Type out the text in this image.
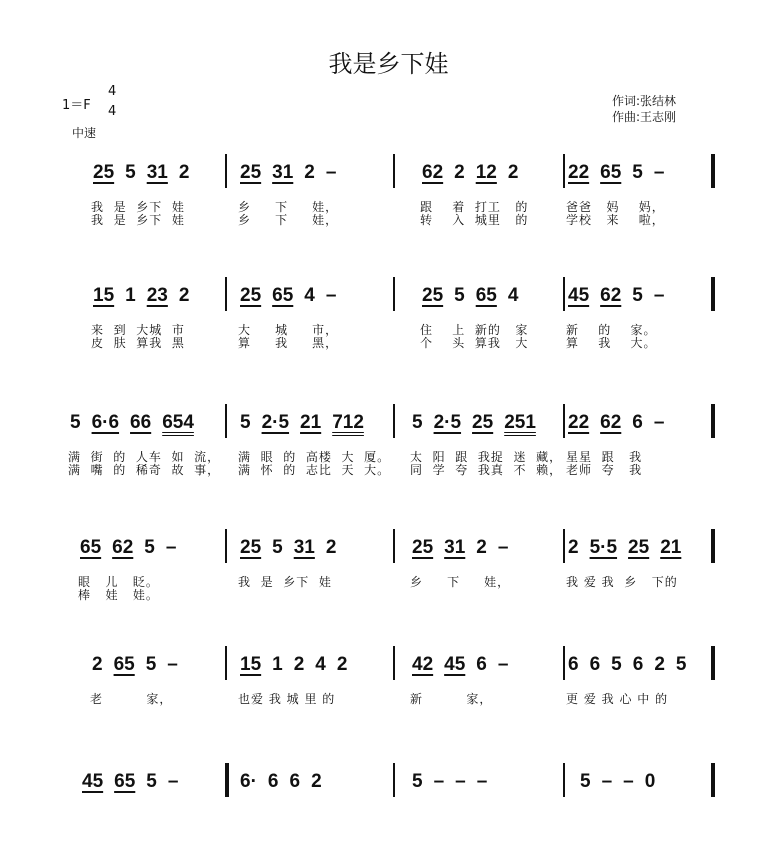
我是乡下娃
1＝F
4
4
中速
作词:张结林
作曲:王志刚
25 5 31 2	25 31 2 –	62 2 12 2	22 65 5 –
我  是  乡下  娃	乡     下     娃，	跟    着  打工   的	爸爸   妈    妈，
我  是  乡下  娃	乡     下     娃，	转    入  城里   的	学校   来    啦，
15 1 23 2	25 65 4 –	25 5 65 4	45 62 5 –
来  到  大城  市	大     城     市，	住    上  新的   家	新    的    家。
皮  肤  算我  黑	算     我     黑，	个    头  算我   大	算    我    大。
5 6·6 66 654 5 2·5 21 712	5 2·5 25 251 22 62 6 –
满  街  的  人车  如  流， 满  眼  的  高楼  大  厦。 太  阳  跟  我捉  迷  藏， 星星  跟   我
满  嘴  的  稀奇  故  事， 满  怀  的  志比  天  大。 同  学  夸  我真  不  赖， 老师  夸   我
65 62 5 –	25 5 31 2	25 31 2 –	2 5·5 25 21
眼   儿   眨。	我  是  乡下  娃	乡     下     娃，	我 爱 我  乡   下的
棒   娃   娃。
2 65 5 –	15 1 2 4 2	42 45 6 –	6 6 5 6 2 5
老         家，	也爱 我 城 里 的	新         家，	更 爱 我 心 中 的
45 65 5 –	6· 6 6 2	5 – – –	5 – – 0
